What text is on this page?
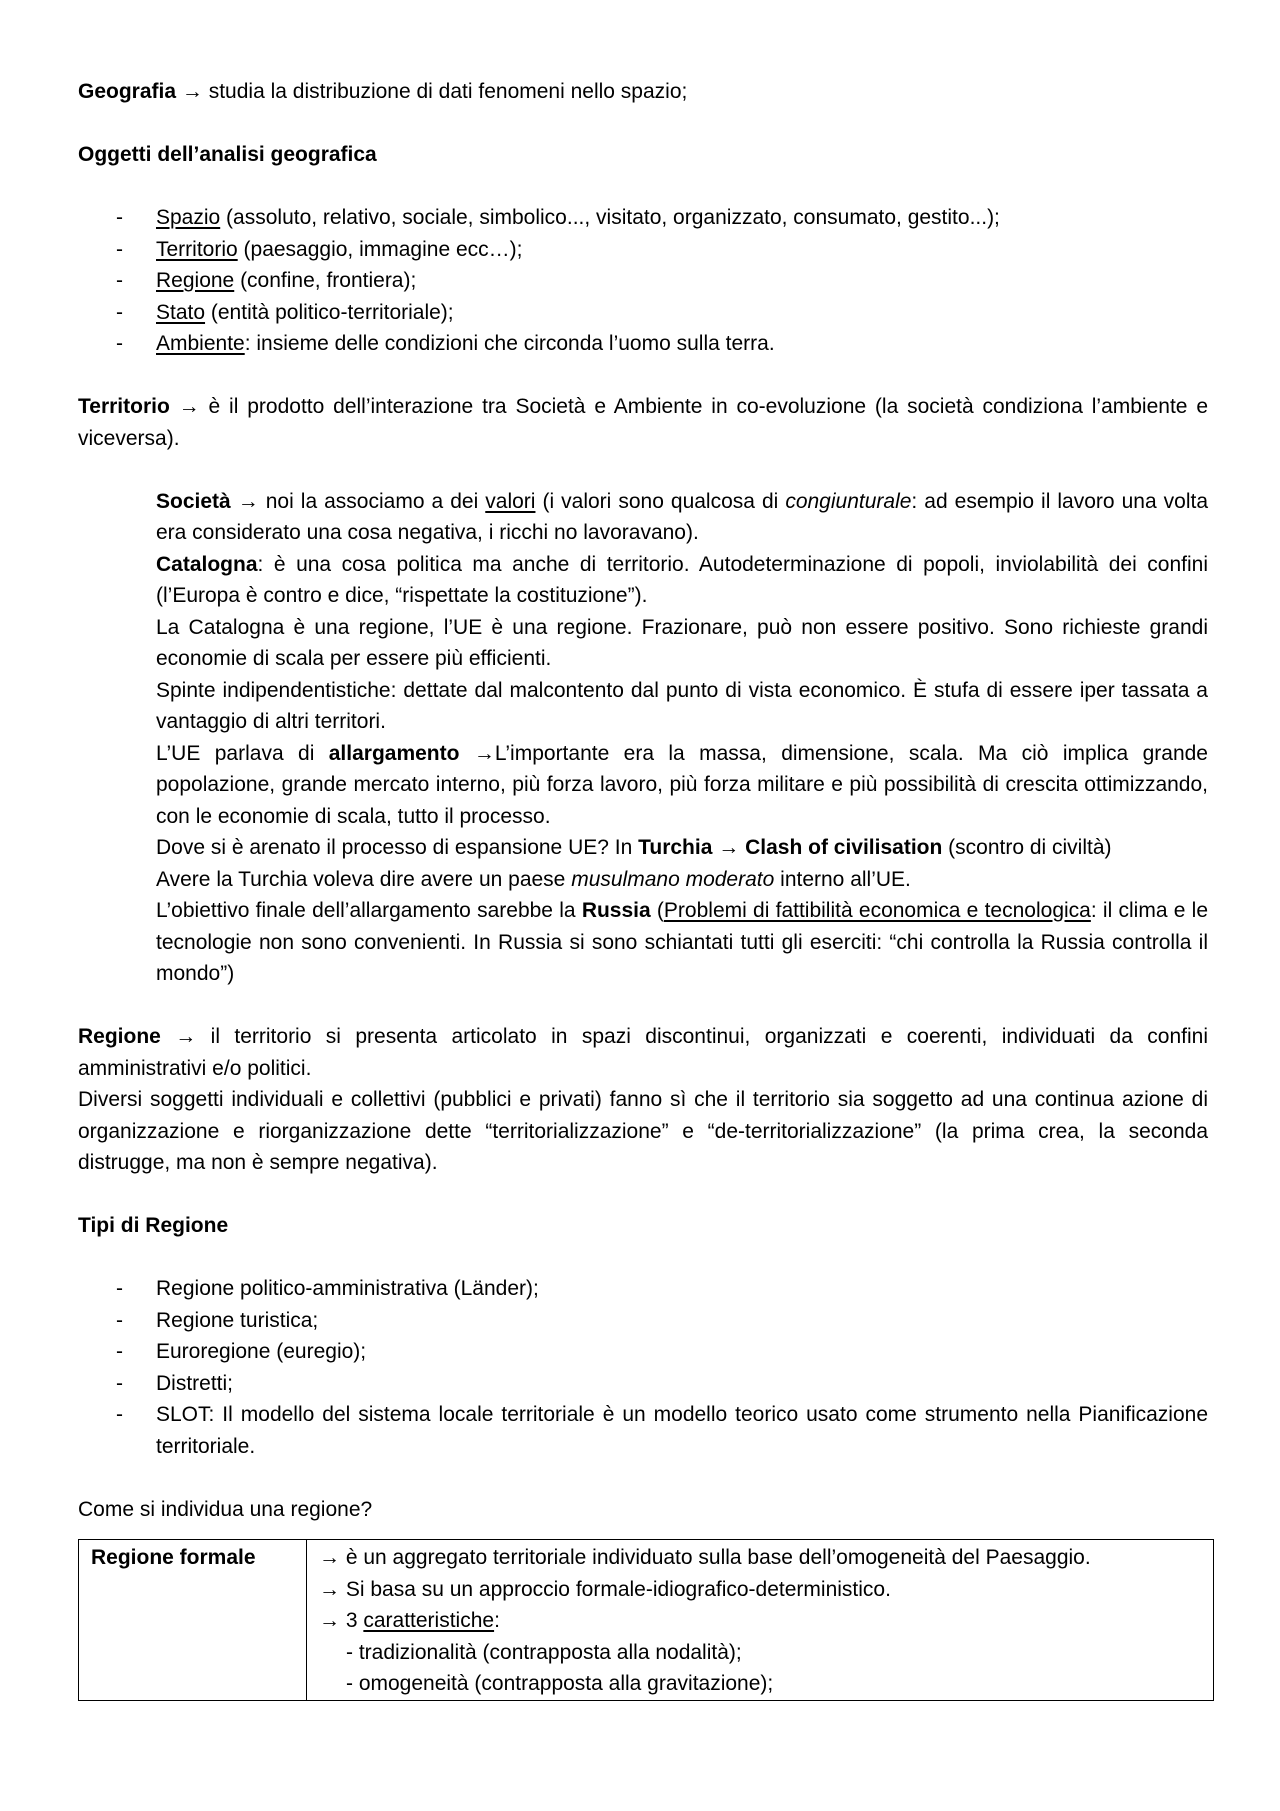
Geografia → studia la distribuzione di dati fenomeni nello spazio;

Oggetti dell’analisi geografica

- Spazio (assoluto, relativo, sociale, simbolico..., visitato, organizzato, consumato, gestito...);
- Territorio (paesaggio, immagine ecc…);
- Regione (confine, frontiera);
- Stato (entità politico-territoriale);
- Ambiente: insieme delle condizioni che circonda l’uomo sulla terra.

Territorio → è il prodotto dell’interazione tra Società e Ambiente in co-evoluzione (la società condiziona l’ambiente e viceversa).

Società → noi la associamo a dei valori (i valori sono qualcosa di congiunturale: ad esempio il lavoro una volta era considerato una cosa negativa, i ricchi no lavoravano).

Catalogna: è una cosa politica ma anche di territorio. Autodeterminazione di popoli, inviolabilità dei confini (l’Europa è contro e dice, “rispettate la costituzione”).

La Catalogna è una regione, l’UE è una regione. Frazionare, può non essere positivo. Sono richieste grandi economie di scala per essere più efficienti.

Spinte indipendentistiche: dettate dal malcontento dal punto di vista economico. È stufa di essere iper tassata a vantaggio di altri territori.

L’UE parlava di allargamento →L’importante era la massa, dimensione, scala. Ma ciò implica grande popolazione, grande mercato interno, più forza lavoro, più forza militare e più possibilità di crescita ottimizzando, con le economie di scala, tutto il processo.

Dove si è arenato il processo di espansione UE? In Turchia → Clash of civilisation (scontro di civiltà)

Avere la Turchia voleva dire avere un paese musulmano moderato interno all’UE.

L’obiettivo finale dell’allargamento sarebbe la Russia (Problemi di fattibilità economica e tecnologica: il clima e le tecnologie non sono convenienti. In Russia si sono schiantati tutti gli eserciti: “chi controlla la Russia controlla il mondo”)

Regione → il territorio si presenta articolato in spazi discontinui, organizzati e coerenti, individuati da confini amministrativi e/o politici.

Diversi soggetti individuali e collettivi (pubblici e privati) fanno sì che il territorio sia soggetto ad una continua azione di organizzazione e riorganizzazione dette “territorializzazione” e “de-territorializzazione” (la prima crea, la seconda distrugge, ma non è sempre negativa).

Tipi di Regione

- Regione politico-amministrativa (Länder);
- Regione turistica;
- Euroregione (euregio);
- Distretti;
- SLOT: Il modello del sistema locale territoriale è un modello teorico usato come strumento nella Pianificazione territoriale.

Come si individua una regione?

Regione formale	→ è un aggregato territoriale individuato sulla base dell’omogeneità del Paesaggio.
→ Si basa su un approccio formale-idiografico-deterministico.
→ 3 caratteristiche:
- tradizionalità (contrapposta alla nodalità);
- omogeneità (contrapposta alla gravitazione);
